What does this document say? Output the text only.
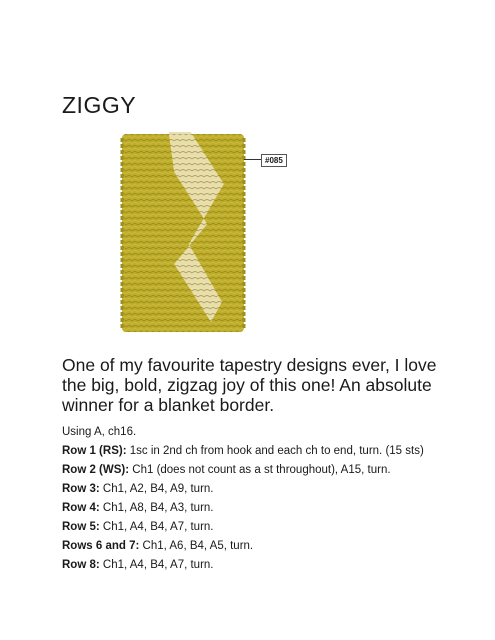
ZIGGY
#085

One of my favourite tapestry designs ever, I love the big, bold, zigzag joy of this one! An absolute winner for a blanket border.

Using A, ch16.

Row 1 (RS): 1sc in 2nd ch from hook and each ch to end, turn. (15 sts)

Row 2 (WS): Ch1 (does not count as a st throughout), A15, turn.

Row 3: Ch1, A2, B4, A9, turn.

Row 4: Ch1, A8, B4, A3, turn.

Row 5: Ch1, A4, B4, A7, turn.

Rows 6 and 7: Ch1, A6, B4, A5, turn.

Row 8: Ch1, A4, B4, A7, turn.
